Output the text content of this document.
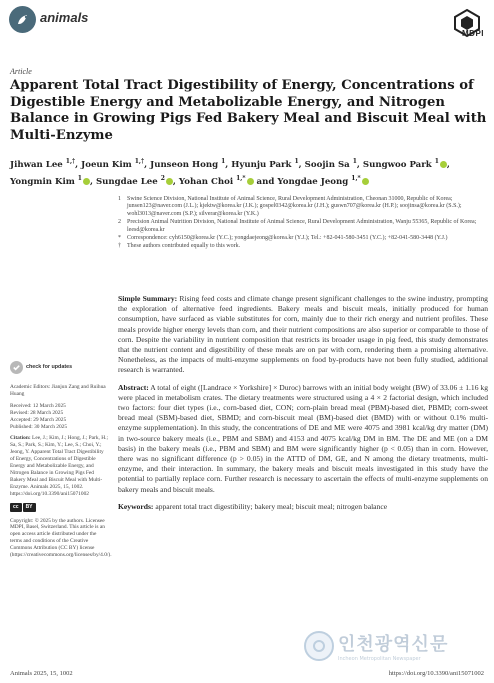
animals
MDPI
Article
Apparent Total Tract Digestibility of Energy, Concentrations of Digestible Energy and Metabolizable Energy, and Nitrogen Balance in Growing Pigs Fed Bakery Meal and Biscuit Meal with Multi-Enzyme
Jihwan Lee $^{1,\dagger}$, Joeun Kim $^{1,\dagger}$, Junseon Hong $^1$, Hyunju Park $^1$, Soojin Sa $^1$, Sungwoo Park $^1$ , Yongmin Kim $^1$ , Sungdae Lee $^2$ , Yohan Choi $^{1,*}$ and Yongdae Jeong $^{1,*}$
1	Swine Science Division, National Institute of Animal Science, Rural Development Administration, Cheonan 31000, Republic of Korea; junsen123@naver.com (J.L.); kjektw@korea.kr (J.K.); gospel0342@korea.kr (J.H.); guswn707@korea.kr (H.P.); soojinsa@korea.kr (S.S.); wohl3013@naver.com (S.P.); silverar@korea.kr (Y.K.)
2	Precision Animal Nutrition Division, National Institute of Animal Science, Rural Development Administration, Wanju 55365, Republic of Korea; leesd@korea.kr
*	Correspondence: cyh6150@korea.kr (Y.C.); yongdaejeong@korea.kr (Y.J.); Tel.: +82-041-580-3451 (Y.C.); +82-041-580-3448 (Y.J.)
†	These authors contributed equally to this work.
check for updates
Academic Editors: Jianjun Zang and Ruihua Huang
Received: 12 March 2025
Revised: 28 March 2025
Accepted: 29 March 2025
Published: 30 March 2025
Citation: Lee, J.; Kim, J.; Hong, J.; Park, H.; Sa, S.; Park, S.; Kim, Y.; Lee, S.; Choi, Y.; Jeong, Y. Apparent Total Tract Digestibility of Energy, Concentrations of Digestible Energy and Metabolizable Energy, and Nitrogen Balance in Growing Pigs Fed Bakery Meal and Biscuit Meal with Multi-Enzyme. Animals 2025, 15, 1002. https://doi.org/10.3390/ani15071002
cc	BY
Copyright: © 2025 by the authors. Licensee MDPI, Basel, Switzerland. This article is an open access article distributed under the terms and conditions of the Creative Commons Attribution (CC BY) license (https://creativecommons.org/licenses/by/4.0/).

Simple Summary: Rising feed costs and climate change present significant challenges to the swine industry, prompting the exploration of alternative feed ingredients. Bakery meals and biscuit meals, initially produced for human consumption, have surfaced as viable substitutes for corn, mainly due to their rich energy and nutrient profiles. These meals provide higher energy levels than corn, and their nutrient compositions are also superior or comparable to those of corn. Despite the variability in nutrient composition that restricts its broader usage in pig feed, this study demonstrates that the nutrient content and digestibility of these meals are on par with corn, rendering them a promising alternative. Nonetheless, as the impacts of multi-enzyme supplements on food by-products have not been fully studied, additional research is warranted.

Abstract: A total of eight ([Landrace × Yorkshire] × Duroc) barrows with an initial body weight (BW) of 33.06 ± 1.16 kg were placed in metabolism crates. The dietary treatments were structured using a 4 × 2 factorial design, which included two factors: four diet types (i.e., corn-based diet, CON; corn-plain bread meal (PBM)-based diet, PBMD; corn-sweet bread meal (SBM)-based diet, SBMD; and corn-biscuit meal (BM)-based diet (BMD) with or without 0.1% multi-enzyme supplementation). In this study, the concentrations of DE and ME were 4075 and 3981 kcal/kg dry matter (DM) in two-source bakery meals (i.e., PBM and SBM) and 4153 and 4075 kcal/kg DM in BM. The DE and ME (on a DM basis) in the bakery meals (i.e., PBM and SBM) and BM were significantly higher (p < 0.05) than in corn. However, there was no significant difference (p > 0.05) in the ATTD of DM, GE, and N among the dietary treatments, multi-enzyme, and their interaction. In summary, the bakery meals and biscuit meals investigated in this study have the potential to partially replace corn. Further research is necessary to ascertain the effects of multi-enzyme supplements on bakery meals and biscuit meals.

Keywords: apparent total tract digestibility; bakery meal; biscuit meal; nitrogen balance

인천광역신문
Incheon Metropolitan Newspaper
Animals 2025, 15, 1002	https://doi.org/10.3390/ani15071002
